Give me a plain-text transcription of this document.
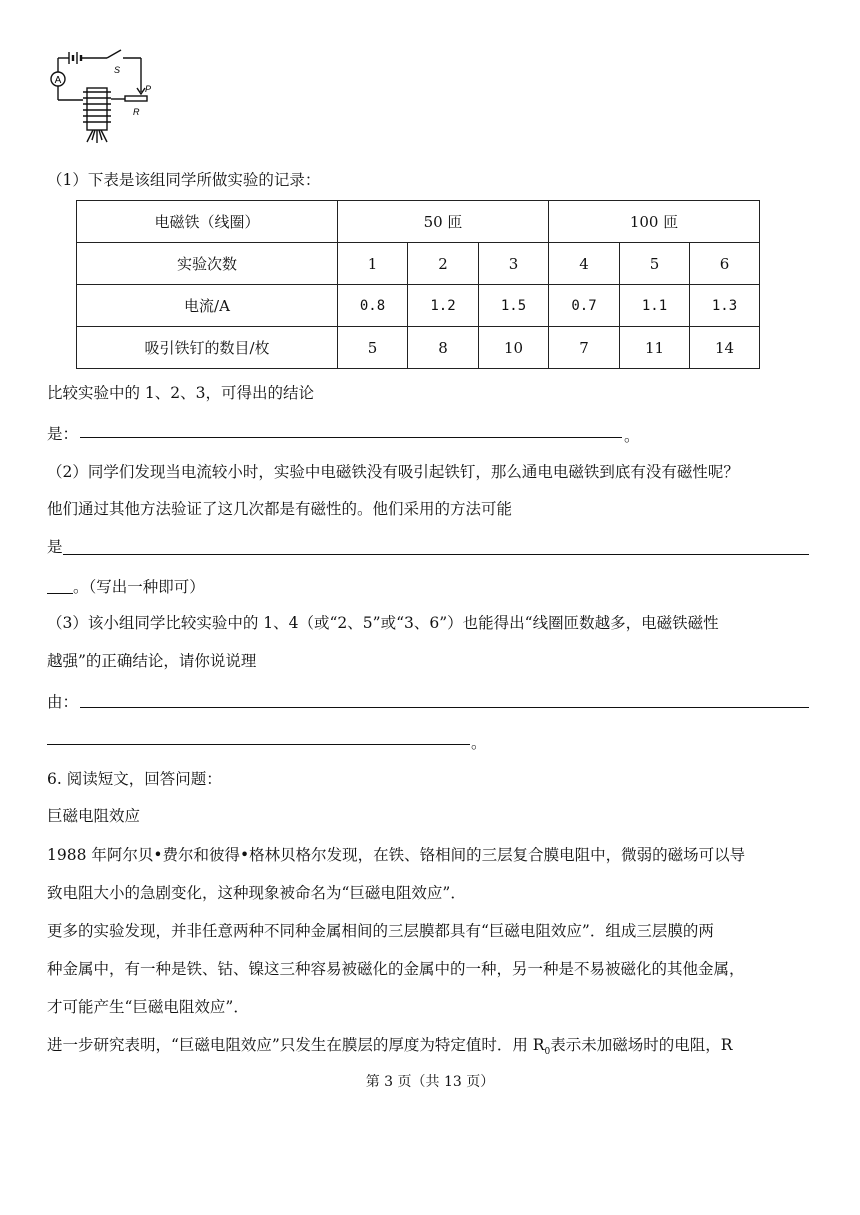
A
S
P
R
（1）下表是该组同学所做实验的记录：
电磁铁（线圈）	50 匝			100 匝		
实验次数	1	2	3	4	5	6
电流/A	0.8	1.2	1.5	0.7	1.1	1.3
吸引铁钉的数目/枚	5	8	10	7	11	14
比较实验中的 1、2、3，可得出的结论
是：	。
（2）同学们发现当电流较小时，实验中电磁铁没有吸引起铁钉，那么通电电磁铁到底有没有磁性呢？
他们通过其他方法验证了这几次都是有磁性的。他们采用的方法可能
是
。（写出一种即可）
（3）该小组同学比较实验中的 1、4（或“2、5”或“3、6”）也能得出“线圈匝数越多，电磁铁磁性
越强”的正确结论，请你说说理
由：
。
6. 阅读短文，回答问题：
巨磁电阻效应
1988 年阿尔贝•费尔和彼得•格林贝格尔发现，在铁、铬相间的三层复合膜电阻中，微弱的磁场可以导
致电阻大小的急剧变化，这种现象被命名为“巨磁电阻效应”．
更多的实验发现，并非任意两种不同种金属相间的三层膜都具有“巨磁电阻效应”．组成三层膜的两
种金属中，有一种是铁、钴、镍这三种容易被磁化的金属中的一种，另一种是不易被磁化的其他金属，
才可能产生“巨磁电阻效应”．
进一步研究表明，“巨磁电阻效应”只发生在膜层的厚度为特定值时．用 $R_0$表示未加磁场时的电阻，R
第 3 页（共 13 页）
